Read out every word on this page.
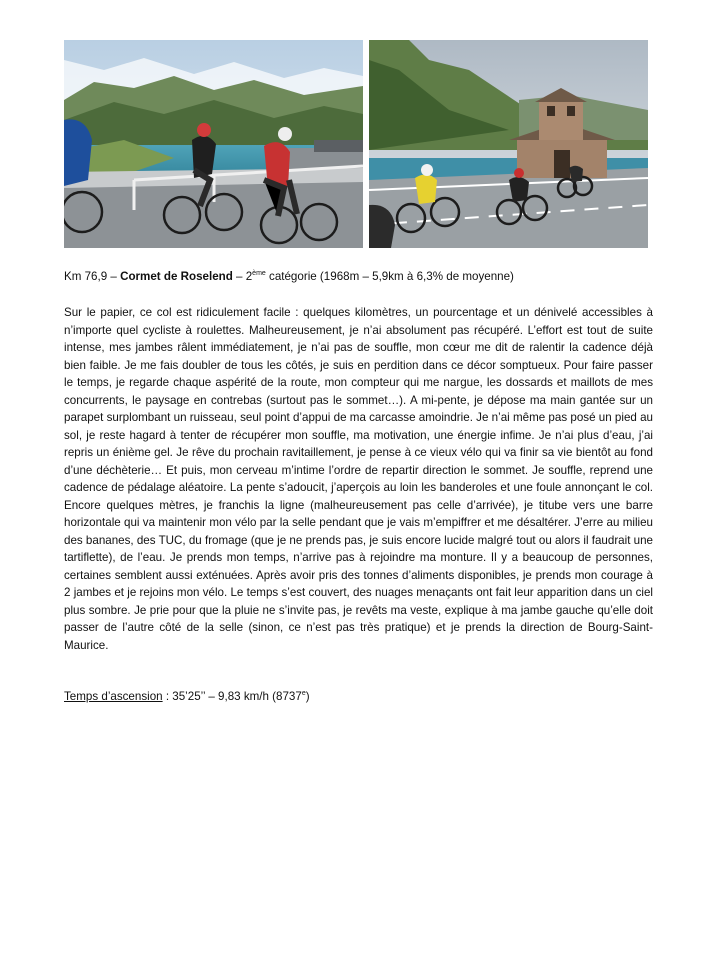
Km 76,9 – Cormet de Roselend – 2ème catégorie (1968m – 5,9km à 6,3% de moyenne)

Sur le papier, ce col est ridiculement facile : quelques kilomètres, un pourcentage et un dénivelé accessibles à n’importe quel cycliste à roulettes. Malheureusement, je n’ai absolument pas récupéré. L’effort est tout de suite intense, mes jambes râlent immédiatement, je n’ai pas de souffle, mon cœur me dit de ralentir la cadence déjà bien faible. Je me fais doubler de tous les côtés, je suis en perdition dans ce décor somptueux. Pour faire passer le temps, je regarde chaque aspérité de la route, mon compteur qui me nargue, les dossards et maillots de mes concurrents, le paysage en contrebas (surtout pas le sommet…). A mi-pente, je dépose ma main gantée sur un parapet surplombant un ruisseau, seul point d’appui de ma carcasse amoindrie. Je n’ai même pas posé un pied au sol, je reste hagard à tenter de récupérer mon souffle, ma motivation, une énergie infime. Je n’ai plus d’eau, j’ai repris un énième gel. Je rêve du prochain ravitaillement, je pense à ce vieux vélo qui va finir sa vie bientôt au fond d’une déchèterie… Et puis, mon cerveau m’intime l’ordre de repartir direction le sommet. Je souffle, reprend une cadence de pédalage aléatoire. La pente s’adoucit, j’aperçois au loin les banderoles et une foule annonçant le col. Encore quelques mètres, je franchis la ligne (malheureusement pas celle d’arrivée), je titube vers une barre horizontale qui va maintenir mon vélo par la selle pendant que je vais m’empiffrer et me désaltérer. J’erre au milieu des bananes, des TUC, du fromage (que je ne prends pas, je suis encore lucide malgré tout ou alors il faudrait une tartiflette), de l’eau. Je prends mon temps, n’arrive pas à rejoindre ma monture. Il y a beaucoup de personnes, certaines semblent aussi exténuées. Après avoir pris des tonnes d’aliments disponibles, je prends mon courage à 2 jambes et je rejoins mon vélo. Le temps s’est couvert, des nuages menaçants ont fait leur apparition dans un ciel plus sombre. Je prie pour que la pluie ne s’invite pas, je revêts ma veste, explique à ma jambe gauche qu’elle doit passer de l’autre côté de la selle (sinon, ce n’est pas très pratique) et je prends la direction de Bourg-Saint-Maurice.

Temps d’ascension : 35’25’’ – 9,83 km/h (8737e)
